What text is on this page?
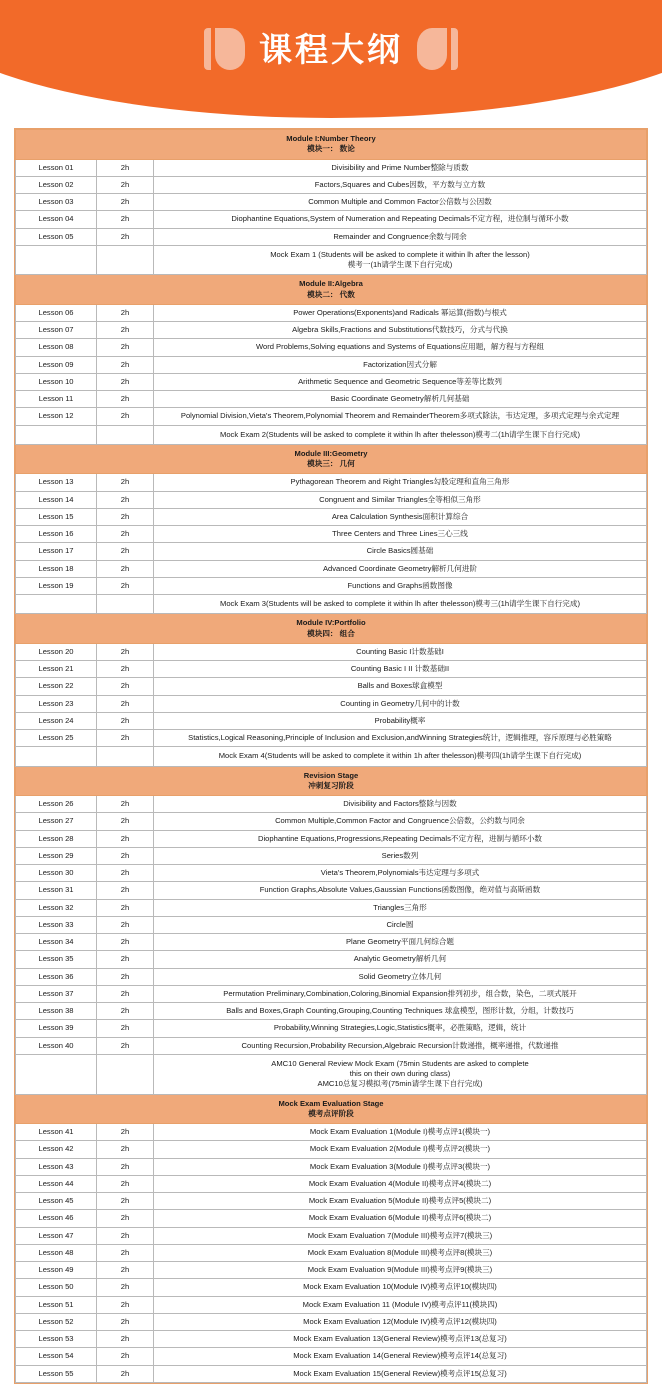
课程大纲
Module I:Number Theory
模块一： 数论		

Lesson 01	2h	Divisibility and Prime Number整除与质数
Lesson 02	2h	Factors,Squares and Cubes因数，平方数与立方数
Lesson 03	2h	Common Multiple and Common Factor公倍数与公因数
Lesson 04	2h	Diophantine Equations,System of Numeration and Repeating Decimals不定方程，进位制与循环小数
Lesson 05	2h	Remainder and Congruence余数与同余

		Mock Exam 1 (Students will be asked to complete it within lh after the lesson)
模考一(1h请学生课下自行完成)

Module II:Algebra
模块二： 代数		

Lesson 06	2h	Power Operations(Exponents)and Radicals 幂运算(指数)与根式
Lesson 07	2h	Algebra Skills,Fractions and Substitutions代数技巧，分式与代换
Lesson 08	2h	Word Problems,Solving equations and Systems of Equations应用题，解方程与方程组
Lesson 09	2h	Factorization因式分解
Lesson 10	2h	Arithmetic Sequence and Geometric Sequence等差等比数列
Lesson 11	2h	Basic Coordinate Geometry解析几何基础
Lesson 12	2h	Polynomial Division,Vieta's Theorem,Polynomial Theorem and RemainderTheorem多项式除法，韦达定理，多项式定理与余式定理

		Mock Exam 2(Students will be asked to complete it within lh after thelesson)模考二(1h请学生课下自行完成)

Module III:Geometry
模块三： 几何		

Lesson 13	2h	Pythagorean Theorem and Right Triangles勾股定理和直角三角形
Lesson 14	2h	Congruent and Similar Triangles全等相似三角形
Lesson 15	2h	Area Calculation Synthesis面积计算综合
Lesson 16	2h	Three Centers and Three Lines三心三线
Lesson 17	2h	Circle Basics圆基础
Lesson 18	2h	Advanced Coordinate Geometry解析几何进阶
Lesson 19	2h	Functions and Graphs函数图像

		Mock Exam 3(Students will be asked to complete it within lh after thelesson)模考三(1h请学生课下自行完成)

Module IV:Portfolio
模块四： 组合		

Lesson 20	2h	Counting Basic I计数基础I
Lesson 21	2h	Counting Basic I II 计数基础II
Lesson 22	2h	Balls and Boxes球盒模型
Lesson 23	2h	Counting in Geometry几何中的计数
Lesson 24	2h	Probability概率
Lesson 25	2h	Statistics,Logical Reasoning,Principle of Inclusion and Exclusion,andWinning Strategies统计，逻辑推理，容斥原理与必胜策略

		Mock Exam 4(Students will be asked to complete it within 1h after thelesson)模考四(1h请学生课下自行完成)

Revision Stage
冲刺复习阶段		

Lesson 26	2h	Divisibility and Factors整除与因数
Lesson 27	2h	Common Multiple,Common Factor and Congruence公倍数，公约数与同余
Lesson 28	2h	Diophantine Equations,Progressions,Repeating Decimals不定方程，进制与循环小数
Lesson 29	2h	Series数列
Lesson 30	2h	Vieta's Theorem,Polynomials韦达定理与多项式
Lesson 31	2h	Function Graphs,Absolute Values,Gaussian Functions函数图像，绝对值与高斯函数
Lesson 32	2h	Triangles三角形
Lesson 33	2h	Circle圆
Lesson 34	2h	Plane Geometry平面几何综合题
Lesson 35	2h	Analytic Geometry解析几何
Lesson 36	2h	Solid Geometry立体几何
Lesson 37	2h	Permutation Preliminary,Combination,Coloring,Binomial Expansion排列初步，组合数，染色，二项式展开
Lesson 38	2h	Balls and Boxes,Graph Counting,Grouping,Counting Techniques 球盒模型，图形计数，分组，计数技巧
Lesson 39	2h	Probability,Winning Strategies,Logic,Statistics概率，必胜策略，逻辑，统计
Lesson 40	2h	Counting Recursion,Probability Recursion,Algebraic Recursion计数递推，概率递推，代数递推

		AMC10 General Review Mock Exam (75min Students are asked to complete
this on their own during class)
AMC10总复习模拟考(75min请学生课下自行完成)

Mock Exam Evaluation Stage
模考点评阶段		

Lesson 41	2h	Mock Exam Evaluation 1(Module I)模考点评1(模块一)
Lesson 42	2h	Mock Exam Evaluation 2(Module I)模考点评2(模块一)
Lesson 43	2h	Mock Exam Evaluation 3(Module I)模考点评3(模块一)
Lesson 44	2h	Mock Exam Evaluation 4(Module II)模考点评4(模块二)
Lesson 45	2h	Mock Exam Evaluation 5(Module II)模考点评5(模块二)
Lesson 46	2h	Mock Exam Evaluation 6(Module II)模考点评6(模块二)
Lesson 47	2h	Mock Exam Evaluation 7(Module III)模考点评7(模块三)
Lesson 48	2h	Mock Exam Evaluation 8(Module III)模考点评8(模块三)
Lesson 49	2h	Mock Exam Evaluation 9(Module III)模考点评9(模块三)
Lesson 50	2h	Mock Exam Evaluation 10(Module IV)模考点评10(模块四)
Lesson 51	2h	Mock Exam Evaluation 11 (Module IV)模考点评11(模块四)
Lesson 52	2h	Mock Exam Evaluation 12(Module IV)模考点评12(模块四)
Lesson 53	2h	Mock Exam Evaluation 13(General Review)模考点评13(总复习)
Lesson 54	2h	Mock Exam Evaluation 14(General Review)模考点评14(总复习)
Lesson 55	2h	Mock Exam Evaluation 15(General Review)模考点评15(总复习)
